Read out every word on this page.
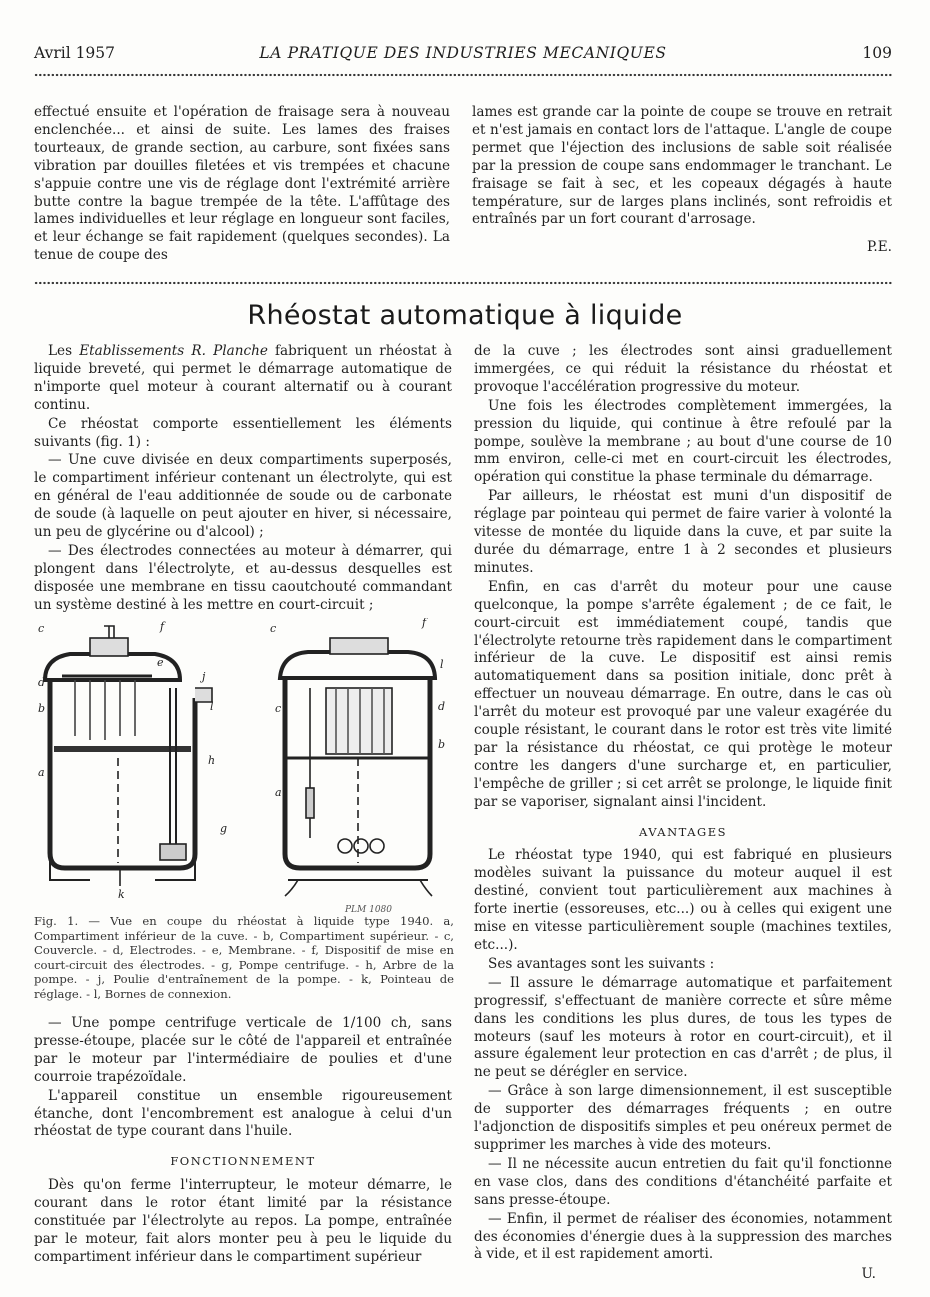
Avril 1957	LA PRATIQUE DES INDUSTRIES MECANIQUES	109

effectué ensuite et l'opération de fraisage sera à nouveau enclenchée... et ainsi de suite. Les lames des fraises tourteaux, de grande section, au carbure, sont fixées sans vibration par douilles filetées et vis trempées et chacune s'appuie contre une vis de réglage dont l'extrémité arrière butte contre la bague trempée de la tête. L'affûtage des lames individuelles et leur réglage en longueur sont faciles, et leur échange se fait rapidement (quelques secondes). La tenue de coupe des

lames est grande car la pointe de coupe se trouve en retrait et n'est jamais en contact lors de l'attaque. L'angle de coupe permet que l'éjection des inclusions de sable soit réalisée par la pression de coupe sans endommager le tranchant. Le fraisage se fait à sec, et les copeaux dégagés à haute température, sur de larges plans inclinés, sont refroidis et entraînés par un fort courant d'arrosage.

P.E.

Rhéostat automatique à liquide

Les Etablissements R. Planche fabriquent un rhéostat à liquide breveté, qui permet le démarrage automatique de n'importe quel moteur à courant alternatif ou à courant continu.

Ce rhéostat comporte essentiellement les éléments suivants (fig. 1) :

— Une cuve divisée en deux compartiments superposés, le compartiment inférieur contenant un électrolyte, qui est en général de l'eau additionnée de soude ou de carbonate de soude (à laquelle on peut ajouter en hiver, si nécessaire, un peu de glycérine ou d'alcool) ;

— Des électrodes connectées au moteur à démarrer, qui plongent dans l'électrolyte, et au-dessus desquelles est disposée une membrane en tissu caoutchouté commandant un système destiné à les mettre en court-circuit ;

c	f
e
d
b
a
j
l
h
g
k
c	f
l
c	d
b
a
PLM 1080
Fig. 1. — Vue en coupe du rhéostat à liquide type 1940. a, Compartiment inférieur de la cuve. - b, Compartiment supérieur. - c, Couvercle. - d, Electrodes. - e, Membrane. - f, Dispositif de mise en court-circuit des électrodes. - g, Pompe centrifuge. - h, Arbre de la pompe. - j, Poulie d'entraînement de la pompe. - k, Pointeau de réglage. - l, Bornes de connexion.

— Une pompe centrifuge verticale de 1/100 ch, sans presse-étoupe, placée sur le côté de l'appareil et entraînée par le moteur par l'intermédiaire de poulies et d'une courroie trapézoïdale.

L'appareil constitue un ensemble rigoureusement étanche, dont l'encombrement est analogue à celui d'un rhéostat de type courant dans l'huile.

FONCTIONNEMENT

Dès qu'on ferme l'interrupteur, le moteur démarre, le courant dans le rotor étant limité par la résistance constituée par l'électrolyte au repos. La pompe, entraînée par le moteur, fait alors monter peu à peu le liquide du compartiment inférieur dans le compartiment supérieur

de la cuve ; les électrodes sont ainsi graduellement immergées, ce qui réduit la résistance du rhéostat et provoque l'accélération progressive du moteur.

Une fois les électrodes complètement immergées, la pression du liquide, qui continue à être refoulé par la pompe, soulève la membrane ; au bout d'une course de 10 mm environ, celle-ci met en court-circuit les électrodes, opération qui constitue la phase terminale du démarrage.

Par ailleurs, le rhéostat est muni d'un dispositif de réglage par pointeau qui permet de faire varier à volonté la vitesse de montée du liquide dans la cuve, et par suite la durée du démarrage, entre 1 à 2 secondes et plusieurs minutes.

Enfin, en cas d'arrêt du moteur pour une cause quelconque, la pompe s'arrête également ; de ce fait, le court-circuit est immédiatement coupé, tandis que l'électrolyte retourne très rapidement dans le compartiment inférieur de la cuve. Le dispositif est ainsi remis automatiquement dans sa position initiale, donc prêt à effectuer un nouveau démarrage. En outre, dans le cas où l'arrêt du moteur est provoqué par une valeur exagérée du couple résistant, le courant dans le rotor est très vite limité par la résistance du rhéostat, ce qui protège le moteur contre les dangers d'une surcharge et, en particulier, l'empêche de griller ; si cet arrêt se prolonge, le liquide finit par se vaporiser, signalant ainsi l'incident.

AVANTAGES

Le rhéostat type 1940, qui est fabriqué en plusieurs modèles suivant la puissance du moteur auquel il est destiné, convient tout particulièrement aux machines à forte inertie (essoreuses, etc...) ou à celles qui exigent une mise en vitesse particulièrement souple (machines textiles, etc...).

Ses avantages sont les suivants :

— Il assure le démarrage automatique et parfaitement progressif, s'effectuant de manière correcte et sûre même dans les conditions les plus dures, de tous les types de moteurs (sauf les moteurs à rotor en court-circuit), et il assure également leur protection en cas d'arrêt ; de plus, il ne peut se dérégler en service.

— Grâce à son large dimensionnement, il est susceptible de supporter des démarrages fréquents ; en outre l'adjonction de dispositifs simples et peu onéreux permet de supprimer les marches à vide des moteurs.

— Il ne nécessite aucun entretien du fait qu'il fonctionne en vase clos, dans des conditions d'étanchéité parfaite et sans presse-étoupe.

— Enfin, il permet de réaliser des économies, notamment des économies d'énergie dues à la suppression des marches à vide, et il est rapidement amorti.

U.
